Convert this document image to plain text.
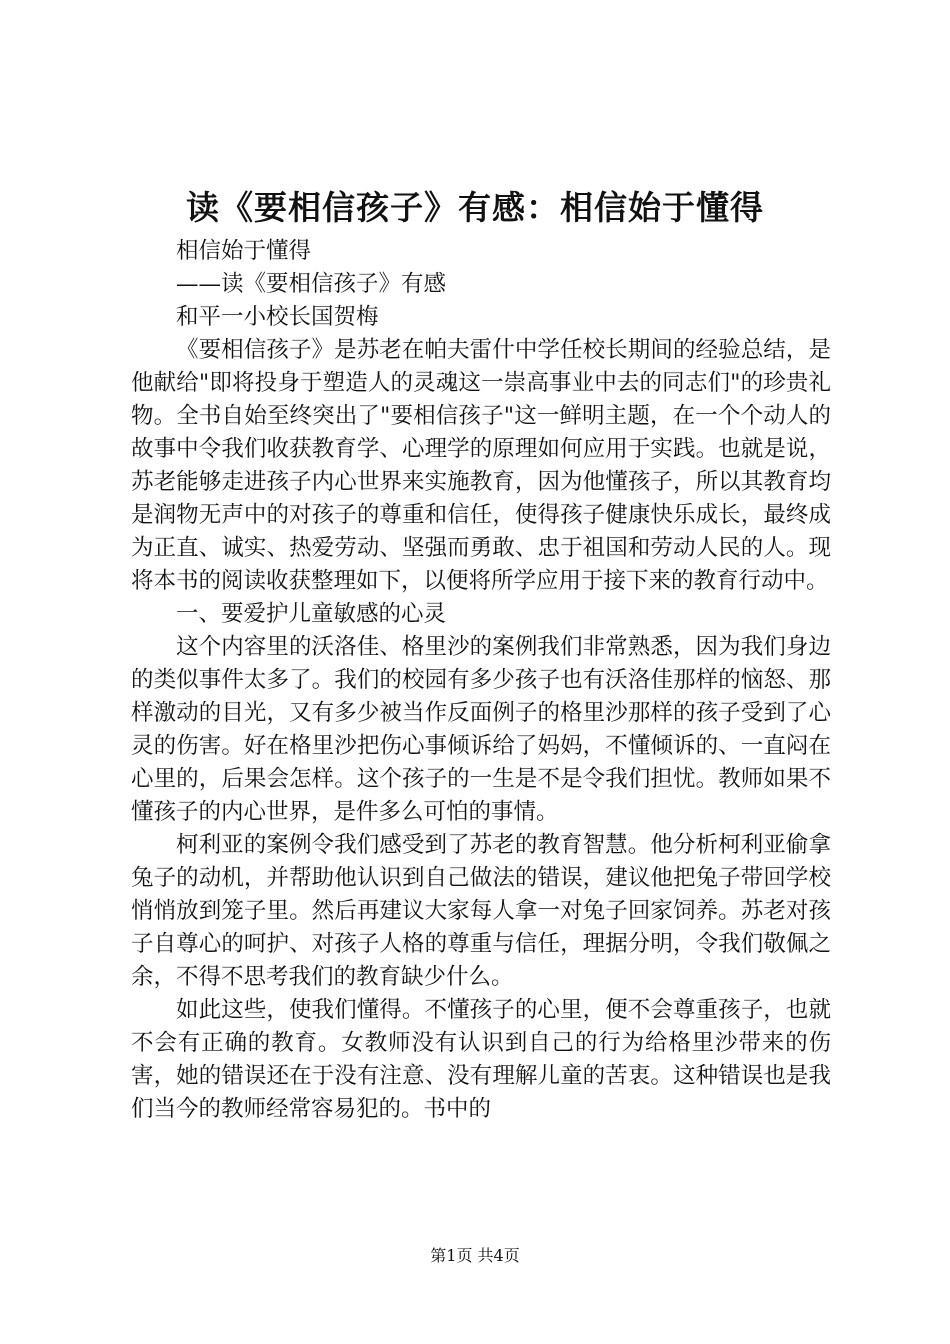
读《要相信孩子》有感：相信始于懂得
相信始于懂得
——读《要相信孩子》有感
和平一小校长国贺梅

《要相信孩子》是苏老在帕夫雷什中学任校长期间的经验总结，是他献给"即将投身于塑造人的灵魂这一崇高事业中去的同志们"的珍贵礼物。全书自始至终突出了"要相信孩子"这一鲜明主题，在一个个动人的故事中令我们收获教育学、心理学的原理如何应用于实践。也就是说，苏老能够走进孩子内心世界来实施教育，因为他懂孩子，所以其教育均是润物无声中的对孩子的尊重和信任，使得孩子健康快乐成长，最终成为正直、诚实、热爱劳动、坚强而勇敢、忠于祖国和劳动人民的人。现将本书的阅读收获整理如下，以便将所学应用于接下来的教育行动中。

一、要爱护儿童敏感的心灵

这个内容里的沃洛佳、格里沙的案例我们非常熟悉，因为我们身边的类似事件太多了。我们的校园有多少孩子也有沃洛佳那样的恼怒、那样激动的目光，又有多少被当作反面例子的格里沙那样的孩子受到了心灵的伤害。好在格里沙把伤心事倾诉给了妈妈，不懂倾诉的、一直闷在心里的，后果会怎样。这个孩子的一生是不是令我们担忧。教师如果不懂孩子的内心世界，是件多么可怕的事情。

柯利亚的案例令我们感受到了苏老的教育智慧。他分析柯利亚偷拿兔子的动机，并帮助他认识到自己做法的错误，建议他把兔子带回学校悄悄放到笼子里。然后再建议大家每人拿一对兔子回家饲养。苏老对孩子自尊心的呵护、对孩子人格的尊重与信任，理据分明，令我们敬佩之余，不得不思考我们的教育缺少什么。

如此这些，使我们懂得。不懂孩子的心里，便不会尊重孩子，也就不会有正确的教育。女教师没有认识到自己的行为给格里沙带来的伤害，她的错误还在于没有注意、没有理解儿童的苦衷。这种错误也是我们当今的教师经常容易犯的。书中的

第1页 共4页
